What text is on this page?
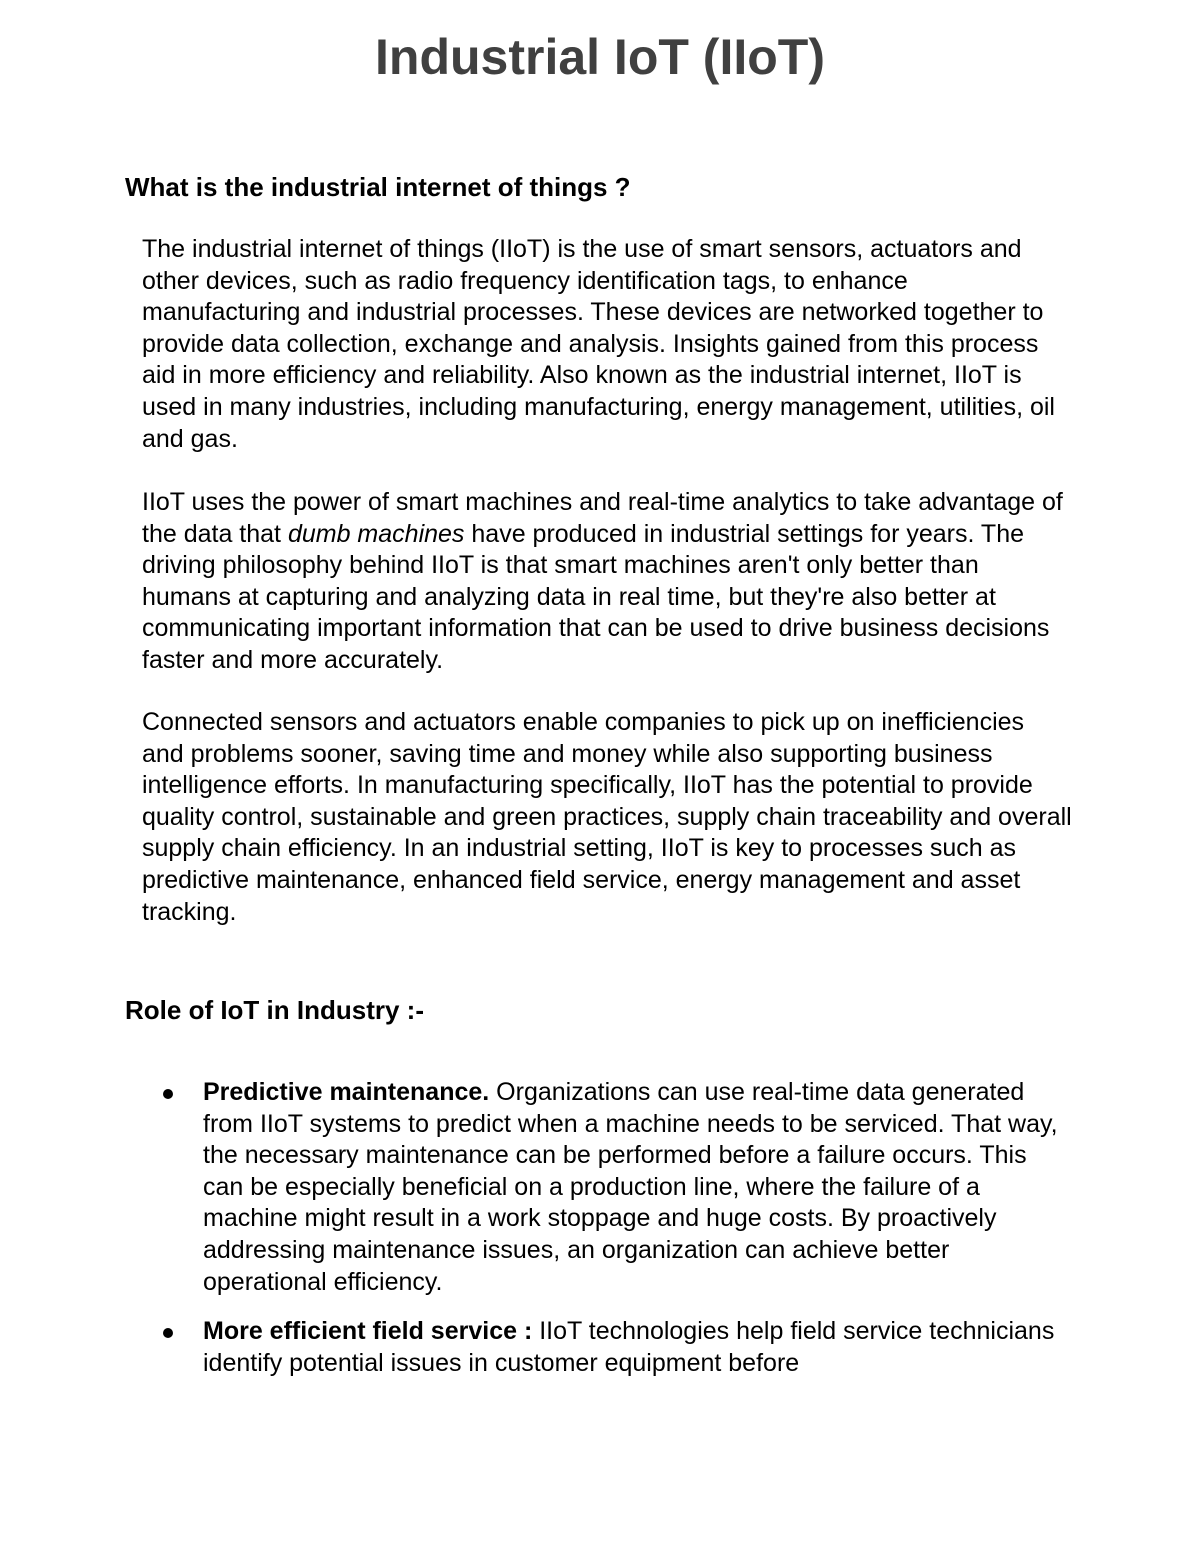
Industrial IoT (IIoT)
What is the industrial internet of things ?

The industrial internet of things (IIoT) is the use of smart sensors, actuators and other devices, such as radio frequency identification tags, to enhance manufacturing and industrial processes. These devices are networked together to provide data collection, exchange and analysis. Insights gained from this process aid in more efficiency and reliability. Also known as the industrial internet, IIoT is used in many industries, including manufacturing, energy management, utilities, oil and gas.

IIoT uses the power of smart machines and real-time analytics to take advantage of the data that dumb machines have produced in industrial settings for years. The driving philosophy behind IIoT is that smart machines aren't only better than humans at capturing and analyzing data in real time, but they're also better at communicating important information that can be used to drive business decisions faster and more accurately.

Connected sensors and actuators enable companies to pick up on inefficiencies and problems sooner, saving time and money while also supporting business intelligence efforts. In manufacturing specifically, IIoT has the potential to provide quality control, sustainable and green practices, supply chain traceability and overall supply chain efficiency. In an industrial setting, IIoT is key to processes such as predictive maintenance, enhanced field service, energy management and asset tracking.

Role of IoT in Industry :-

Predictive maintenance. Organizations can use real-time data generated from IIoT systems to predict when a machine needs to be serviced. That way, the necessary maintenance can be performed before a failure occurs. This can be especially beneficial on a production line, where the failure of a machine might result in a work stoppage and huge costs. By proactively addressing maintenance issues, an organization can achieve better operational efficiency.

More efficient field service : IIoT technologies help field service technicians identify potential issues in customer equipment before
